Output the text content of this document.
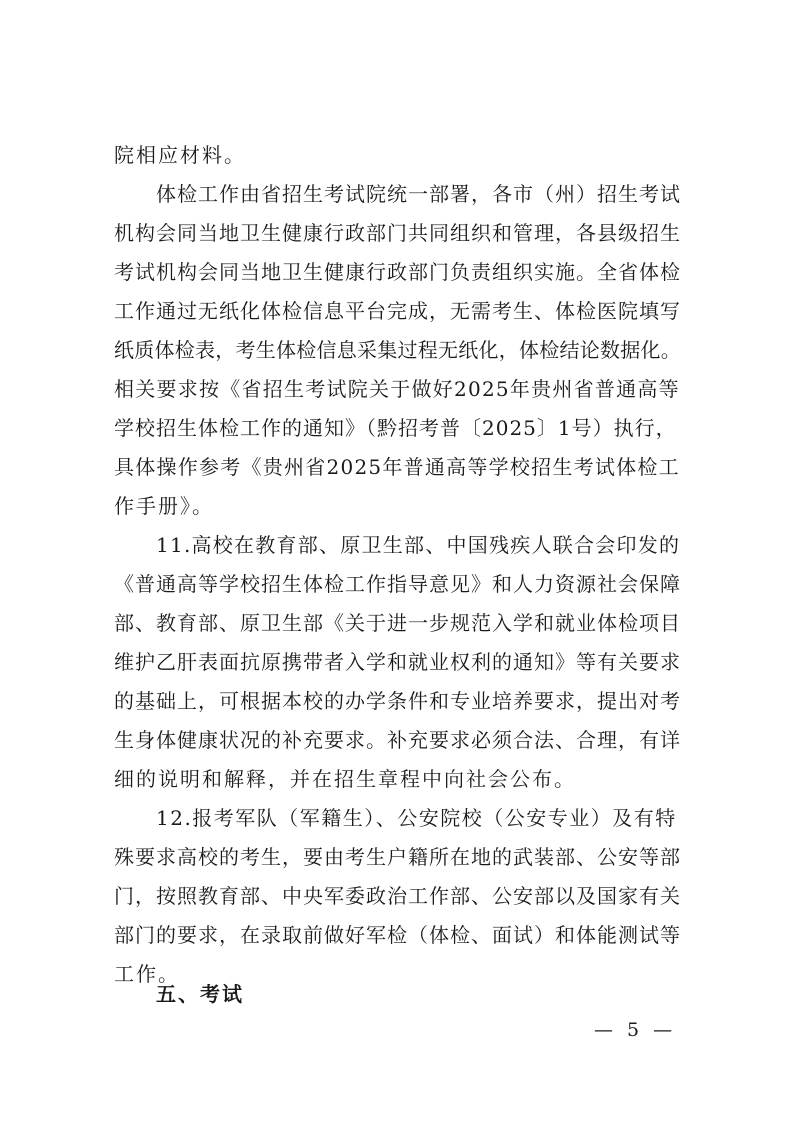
院相应材料。
体检工作由省招生考试院统一部署，各市（州）招生考试
机构会同当地卫生健康行政部门共同组织和管理，各县级招生
考试机构会同当地卫生健康行政部门负责组织实施。全省体检
工作通过无纸化体检信息平台完成，无需考生、体检医院填写
纸质体检表，考生体检信息采集过程无纸化，体检结论数据化。
相关要求按《省招生考试院关于做好2025年贵州省普通高等
学校招生体检工作的通知》（黔招考普〔2025〕1号）执行，
具体操作参考《贵州省2025年普通高等学校招生考试体检工
作手册》。
11.高校在教育部、原卫生部、中国残疾人联合会印发的
《普通高等学校招生体检工作指导意见》和人力资源社会保障
部、教育部、原卫生部《关于进一步规范入学和就业体检项目
维护乙肝表面抗原携带者入学和就业权利的通知》等有关要求
的基础上，可根据本校的办学条件和专业培养要求，提出对考
生身体健康状况的补充要求。补充要求必须合法、合理，有详
细的说明和解释，并在招生章程中向社会公布。
12.报考军队（军籍生）、公安院校（公安专业）及有特
殊要求高校的考生，要由考生户籍所在地的武装部、公安等部
门，按照教育部、中央军委政治工作部、公安部以及国家有关
部门的要求，在录取前做好军检（体检、面试）和体能测试等
工作。
五、考试
— 5 —
